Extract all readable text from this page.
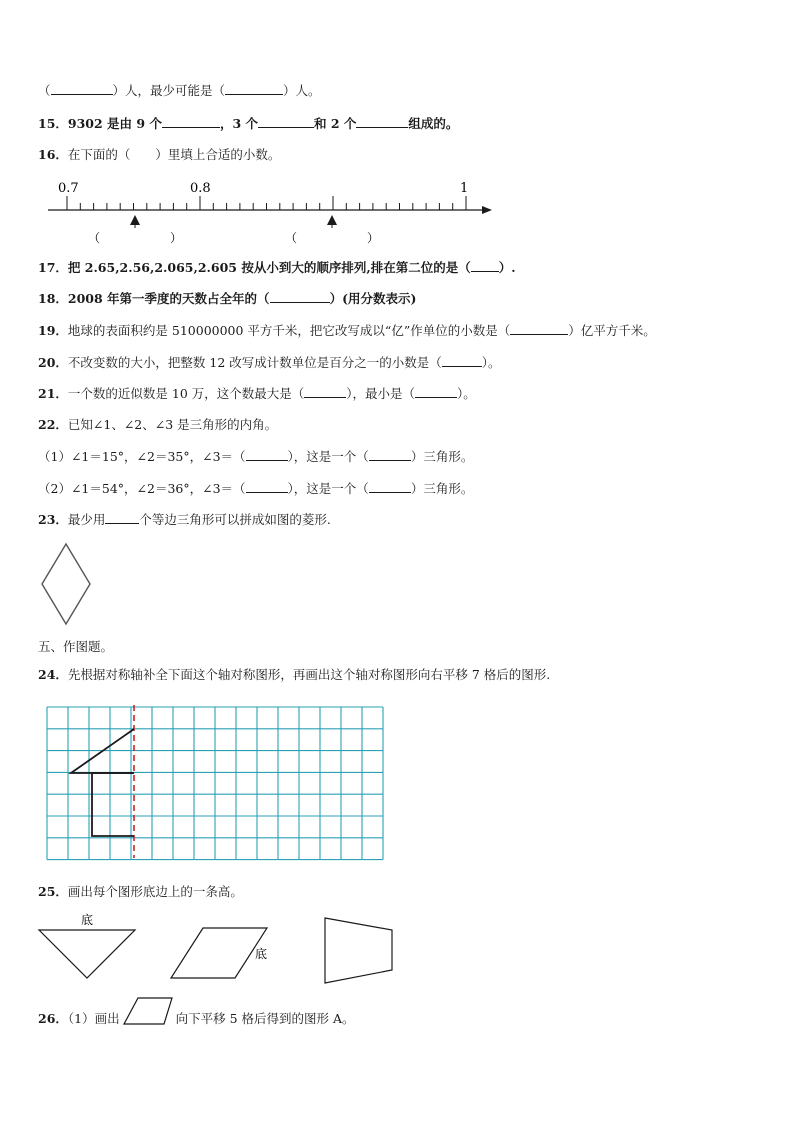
（	）人，最少可能是（	）人。
15．9302 是由 9 个	，3 个	和 2 个	组成的。
16．在下面的（　　）里填上合适的小数。
0.7	0.8	1
（	）	（	）
17．把 2.65,2.56,2.065,2.605 按从小到大的顺序排列,排在第二位的是（ ）.
18．2008 年第一季度的天数占全年的（	）(用分数表示)
19．地球的表面积约是 510000000 平方千米，把它改写成以“亿”作单位的小数是（	）亿平方千米。
20．不改变数的大小，把整数 12 改写成计数单位是百分之一的小数是（	）。
21．一个数的近似数是 10 万，这个数最大是（	），最小是（	）。
22．已知∠1、∠2、∠3 是三角形的内角。
（1）∠1＝15°，∠2＝35°，∠3＝（	），这是一个（	）三角形。
（2）∠1＝54°，∠2＝36°，∠3＝（	），这是一个（	）三角形。
23．最少用	个等边三角形可以拼成如图的菱形.
五、作图题。
24．先根据对称轴补全下面这个轴对称图形，再画出这个轴对称图形向右平移 7 格后的图形.
25．画出每个图形底边上的一条高。
底
底
26．（1）画出	向下平移 5 格后得到的图形 A。
